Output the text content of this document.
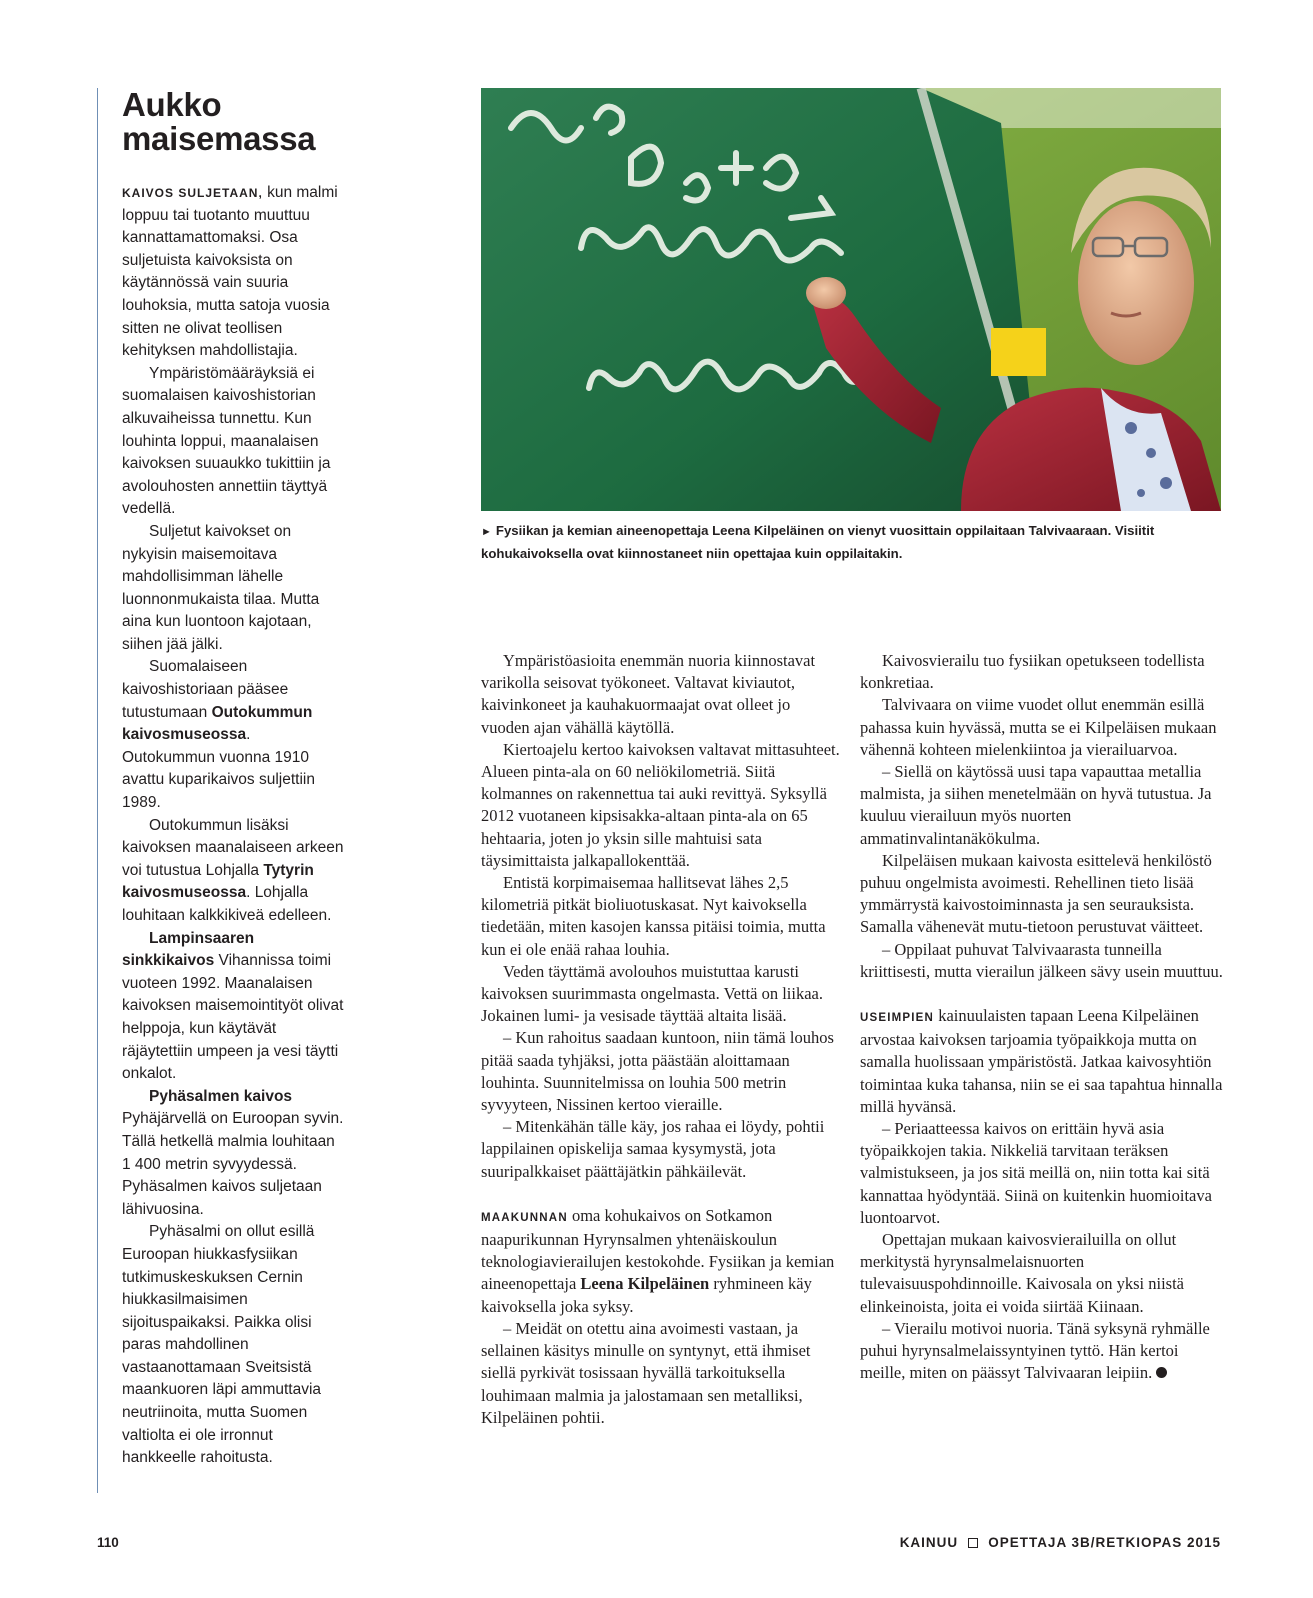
Aukko
maisemassa

KAIVOS SULJETAAN, kun malmi loppuu tai tuotanto muuttuu kannattamattomaksi. Osa suljetuista kaivoksista on käytännössä vain suuria louhoksia, mutta satoja vuosia sitten ne olivat teollisen kehityksen mahdollistajia.

Ympäristömääräyksiä ei suomalaisen kaivoshistorian alkuvaiheissa tunnettu. Kun louhinta loppui, maanalaisen kaivoksen suuaukko tukittiin ja avolouhosten annettiin täyttyä vedellä.

Suljetut kaivokset on nykyisin maisemoitava mahdollisimman lähelle luonnonmukaista tilaa. Mutta aina kun luontoon kajotaan, siihen jää jälki.

Suomalaiseen kaivoshistoriaan pääsee tutustumaan Outokummun kaivosmuseossa. Outokummun vuonna 1910 avattu kuparikaivos suljettiin 1989.

Outokummun lisäksi kaivoksen maanalaiseen arkeen voi tutustua Lohjalla Tytyrin kaivosmuseossa. Lohjalla louhitaan kalkkikiveä edelleen.

Lampinsaaren sinkkikaivos Vihannissa toimi vuoteen 1992. Maanalaisen kaivoksen maisemointityöt olivat helppoja, kun käytävät räjäytettiin umpeen ja vesi täytti onkalot.

Pyhäsalmen kaivos Pyhäjärvellä on Euroopan syvin. Tällä hetkellä malmia louhitaan 1 400 metrin syvyydessä. Pyhäsalmen kaivos suljetaan lähivuosina.

Pyhäsalmi on ollut esillä Euroopan hiukkasfysiikan tutkimuskeskuksen Cernin hiukkasilmaisimen sijoituspaikaksi. Paikka olisi paras mahdollinen vastaanottamaan Sveitsistä maankuoren läpi ammuttavia neutriinoita, mutta Suomen valtiolta ei ole irronnut hankkeelle rahoitusta.

► Fysiikan ja kemian aineenopettaja Leena Kilpeläinen on vienyt vuosittain oppilaitaan Talvivaaraan. Visiitit kohukaivoksella ovat kiinnostaneet niin opettajaa kuin oppilaitakin.

Ympäristöasioita enemmän nuoria kiinnostavat varikolla seisovat työkoneet. Valtavat kiviautot, kaivinkoneet ja kauhakuormaajat ovat olleet jo vuoden ajan vähällä käytöllä.

Kiertoajelu kertoo kaivoksen valtavat mittasuhteet. Alueen pinta-ala on 60 neliökilometriä. Siitä kolmannes on rakennettua tai auki revittyä. Syksyllä 2012 vuotaneen kipsisakka-altaan pinta-ala on 65 hehtaaria, joten jo yksin sille mahtuisi sata täysimittaista jalkapallokenttää.

Entistä korpimaisemaa hallitsevat lähes 2,5 kilometriä pitkät bioliuotuskasat. Nyt kaivoksella tiedetään, miten kasojen kanssa pitäisi toimia, mutta kun ei ole enää rahaa louhia.

Veden täyttämä avolouhos muistuttaa karusti kaivoksen suurimmasta ongelmasta. Vettä on liikaa. Jokainen lumi- ja vesisade täyttää altaita lisää.

– Kun rahoitus saadaan kuntoon, niin tämä louhos pitää saada tyhjäksi, jotta päästään aloittamaan louhinta. Suunnitelmissa on louhia 500 metrin syvyyteen, Nissinen kertoo vieraille.

– Mitenkähän tälle käy, jos rahaa ei löydy, pohtii lappilainen opiskelija samaa kysymystä, jota suuripalkkaiset päättäjätkin pähkäilevät.

MAAKUNNAN oma kohukaivos on Sotkamon naapurikunnan Hyrynsalmen yhtenäiskoulun teknologiavierailujen kestokohde. Fysiikan ja kemian aineenopettaja Leena Kilpeläinen ryhmineen käy kaivoksella joka syksy.

– Meidät on otettu aina avoimesti vastaan, ja sellainen käsitys minulle on syntynyt, että ihmiset siellä pyrkivät tosissaan hyvällä tarkoituksella louhimaan malmia ja jalostamaan sen metalliksi, Kilpeläinen pohtii.

Kaivosvierailu tuo fysiikan opetukseen todellista konkretiaa.

Talvivaara on viime vuodet ollut enemmän esillä pahassa kuin hyvässä, mutta se ei Kilpeläisen mukaan vähennä kohteen mielenkiintoa ja vierailuarvoa.

– Siellä on käytössä uusi tapa vapauttaa metallia malmista, ja siihen menetelmään on hyvä tutustua. Ja kuuluu vierailuun myös nuorten ammatinvalintanäkökulma.

Kilpeläisen mukaan kaivosta esittelevä henkilöstö puhuu ongelmista avoimesti. Rehellinen tieto lisää ymmärrystä kaivostoiminnasta ja sen seurauksista. Samalla vähenevät mutu-tietoon perustuvat väitteet.

– Oppilaat puhuvat Talvivaarasta tunneilla kriittisesti, mutta vierailun jälkeen sävy usein muuttuu.

USEIMPIEN kainuulaisten tapaan Leena Kilpeläinen arvostaa kaivoksen tarjoamia työpaikkoja mutta on samalla huolissaan ympäristöstä. Jatkaa kaivosyhtiön toimintaa kuka tahansa, niin se ei saa tapahtua hinnalla millä hyvänsä.

– Periaatteessa kaivos on erittäin hyvä asia työpaikkojen takia. Nikkeliä tarvitaan teräksen valmistukseen, ja jos sitä meillä on, niin totta kai sitä kannattaa hyödyntää. Siinä on kuitenkin huomioitava luontoarvot.

Opettajan mukaan kaivosvierailuilla on ollut merkitystä hyrynsalmelaisnuorten tulevaisuuspohdinnoille. Kaivosala on yksi niistä elinkeinoista, joita ei voida siirtää Kiinaan.

– Vierailu motivoi nuoria. Tänä syksynä ryhmälle puhui hyrynsalmelaissyntyinen tyttö. Hän kertoi meille, miten on päässyt Talvivaaran leipiin.

110	KAINUU OPETTAJA 3B/RETKIOPAS 2015
